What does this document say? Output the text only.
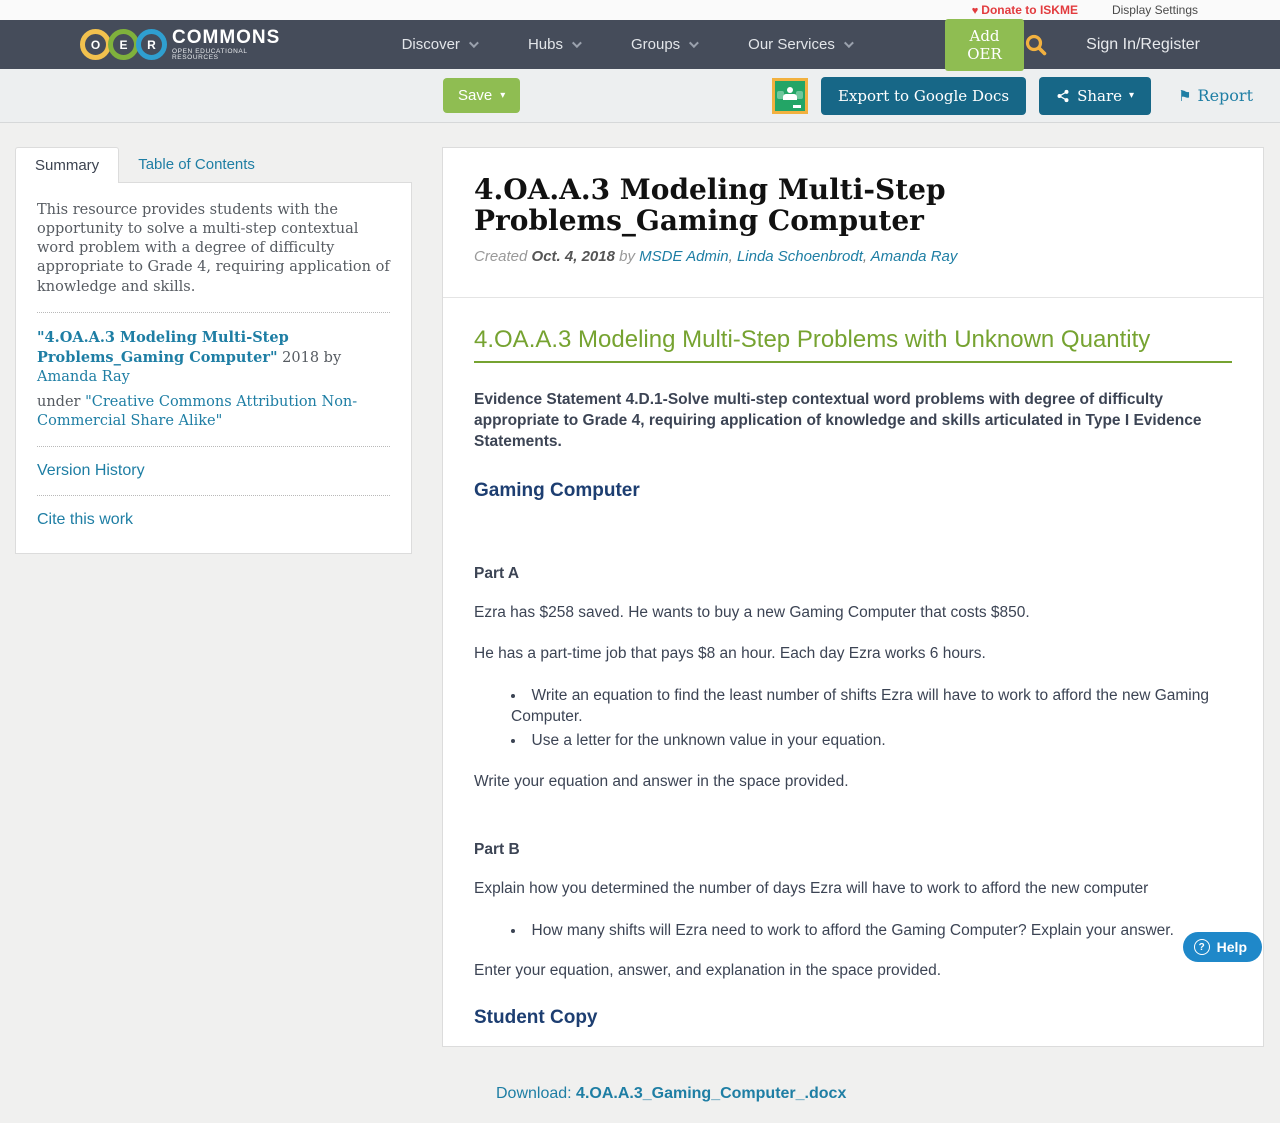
♥ Donate to ISKME	Display Settings
O	E	R COMMONS
OPEN EDUCATIONAL RESOURCES
Discover	Hubs	Groups	Our Services	Add OER
Sign In/Register
Save ▾	Export to Google Docs	Share ▾	⚑ Report
Summary	Table of Contents

This resource provides students with the opportunity to solve a multi-step contextual word problem with a degree of difficulty appropriate to Grade 4, requiring application of knowledge and skills.

"4.OA.A.3 Modeling Multi-Step Problems_Gaming Computer" 2018 by Amanda Ray
under "Creative Commons Attribution Non-Commercial Share Alike"
Version History
Cite this work
4.OA.A.3 Modeling Multi-Step Problems_Gaming Computer

Created Oct. 4, 2018 by MSDE Admin, Linda Schoenbrodt, Amanda Ray

4.OA.A.3 Modeling Multi-Step Problems with Unknown Quantity

Evidence Statement 4.D.1-Solve multi-step contextual word problems with degree of difficulty appropriate to Grade 4, requiring application of knowledge and skills articulated in Type I Evidence Statements.

Gaming Computer

Part A

Ezra has $258 saved. He wants to buy a new Gaming Computer that costs $850.

He has a part-time job that pays $8 an hour. Each day Ezra works 6 hours.

• Write an equation to find the least number of shifts Ezra will have to work to afford the new Gaming Computer.
• Use a letter for the unknown value in your equation.

Write your equation and answer in the space provided.

Part B

Explain how you determined the number of days Ezra will have to work to afford the new computer

• How many shifts will Ezra need to work to afford the Gaming Computer? Explain your answer.

Enter your equation, answer, and explanation in the space provided.

Student Copy

Download: 4.OA.A.3_Gaming_Computer_.docx

? Help
